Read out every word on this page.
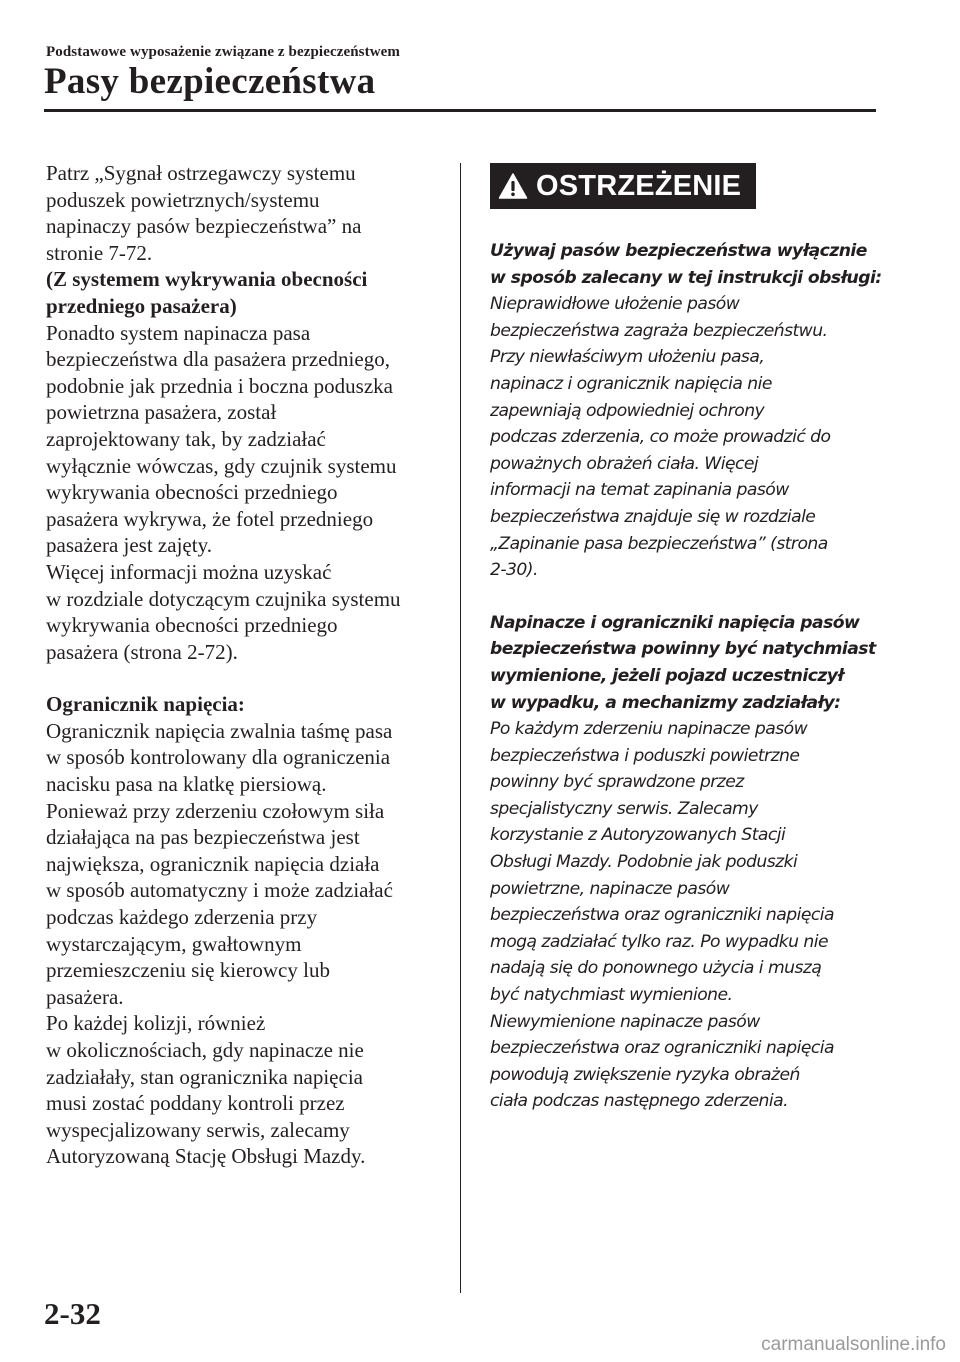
Podstawowe wyposażenie związane z bezpieczeństwem
Pasy bezpieczeństwa

Patrz „Sygnał ostrzegawczy systemu
poduszek powietrznych/systemu
napinaczy pasów bezpieczeństwa” na
stronie 7-72.

(Z systemem wykrywania obecności
przedniego pasażera)

Ponadto system napinacza pasa
bezpieczeństwa dla pasażera przedniego,
podobnie jak przednia i boczna poduszka
powietrzna pasażera, został
zaprojektowany tak, by zadziałać
wyłącznie wówczas, gdy czujnik systemu
wykrywania obecności przedniego
pasażera wykrywa, że fotel przedniego
pasażera jest zajęty.
Więcej informacji można uzyskać
w rozdziale dotyczącym czujnika systemu
wykrywania obecności przedniego
pasażera (strona 2-72).

Ogranicznik napięcia:

Ogranicznik napięcia zwalnia taśmę pasa
w sposób kontrolowany dla ograniczenia
nacisku pasa na klatkę piersiową.
Ponieważ przy zderzeniu czołowym siła
działająca na pas bezpieczeństwa jest
największa, ogranicznik napięcia działa
w sposób automatyczny i może zadziałać
podczas każdego zderzenia przy
wystarczającym, gwałtownym
przemieszczeniu się kierowcy lub
pasażera.
Po każdej kolizji, również
w okolicznościach, gdy napinacze nie
zadziałały, stan ogranicznika napięcia
musi zostać poddany kontroli przez
wyspecjalizowany serwis, zalecamy
Autoryzowaną Stację Obsługi Mazdy.

OSTRZEŻENIE

Używaj pasów bezpieczeństwa wyłącznie
w sposób zalecany w tej instrukcji obsługi:

Nieprawidłowe ułożenie pasów
bezpieczeństwa zagraża bezpieczeństwu.
Przy niewłaściwym ułożeniu pasa,
napinacz i ogranicznik napięcia nie
zapewniają odpowiedniej ochrony
podczas zderzenia, co może prowadzić do
poważnych obrażeń ciała. Więcej
informacji na temat zapinania pasów
bezpieczeństwa znajduje się w rozdziale
„Zapinanie pasa bezpieczeństwa” (strona
2-30).

Napinacze i ograniczniki napięcia pasów
bezpieczeństwa powinny być natychmiast
wymienione, jeżeli pojazd uczestniczył
w wypadku, a mechanizmy zadziałały:

Po każdym zderzeniu napinacze pasów
bezpieczeństwa i poduszki powietrzne
powinny być sprawdzone przez
specjalistyczny serwis. Zalecamy
korzystanie z Autoryzowanych Stacji
Obsługi Mazdy. Podobnie jak poduszki
powietrzne, napinacze pasów
bezpieczeństwa oraz ograniczniki napięcia
mogą zadziałać tylko raz. Po wypadku nie
nadają się do ponownego użycia i muszą
być natychmiast wymienione.
Niewymienione napinacze pasów
bezpieczeństwa oraz ograniczniki napięcia
powodują zwiększenie ryzyka obrażeń
ciała podczas następnego zderzenia.

2-32
carmanualsonline.info
